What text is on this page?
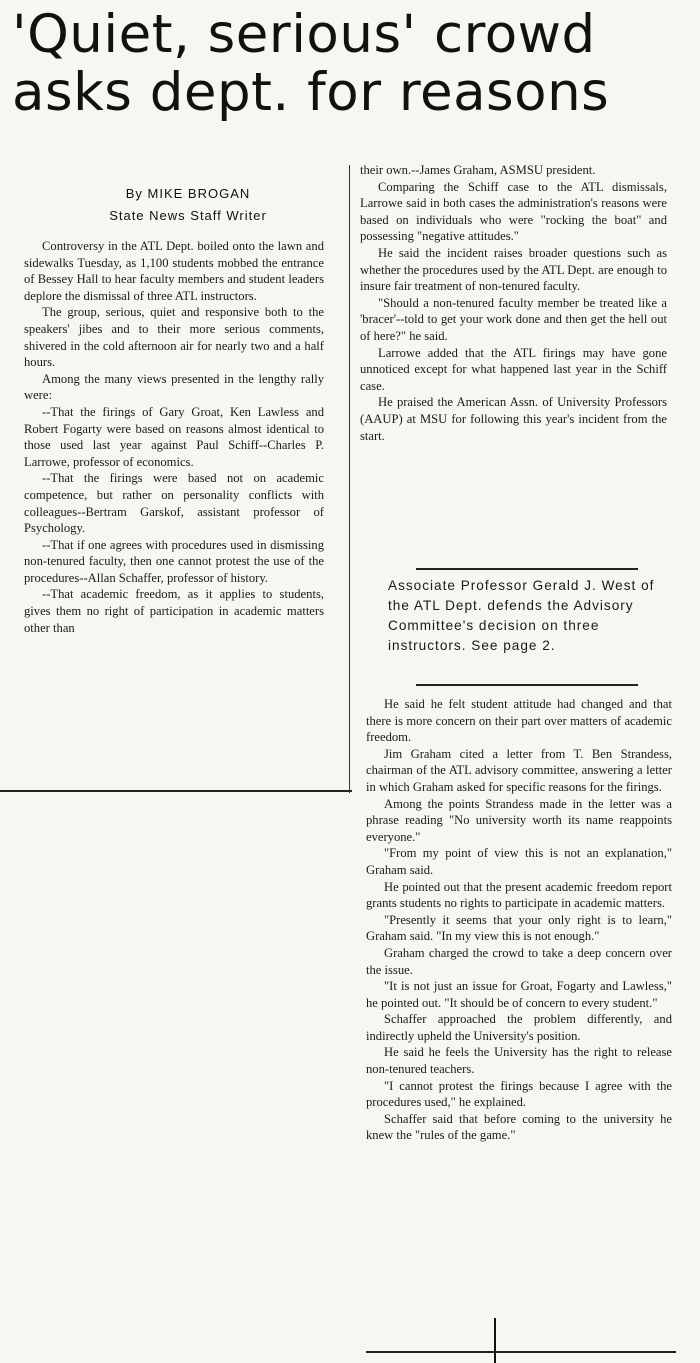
'Quiet, serious' crowd
asks dept. for reasons
By MIKE BROGAN
State News Staff Writer

Controversy in the ATL Dept. boiled onto the lawn and sidewalks Tuesday, as 1,100 students mobbed the entrance of Bessey Hall to hear faculty members and student leaders deplore the dismissal of three ATL instructors.

The group, serious, quiet and responsive both to the speakers' jibes and to their more serious comments, shivered in the cold afternoon air for nearly two and a half hours.

Among the many views presented in the lengthy rally were:

--That the firings of Gary Groat, Ken Lawless and Robert Fogarty were based on reasons almost identical to those used last year against Paul Schiff--Charles P. Larrowe, professor of economics.

--That the firings were based not on academic competence, but rather on personality conflicts with colleagues--Bertram Garskof, assistant professor of Psychology.

--That if one agrees with procedures used in dismissing non-tenured faculty, then one cannot protest the use of the procedures--Allan Schaffer, professor of history.

--That academic freedom, as it applies to students, gives them no right of participation in academic matters other than

their own.--James Graham, ASMSU president.

Comparing the Schiff case to the ATL dismissals, Larrowe said in both cases the administration's reasons were based on individuals who were "rocking the boat" and possessing "negative attitudes."

He said the incident raises broader questions such as whether the procedures used by the ATL Dept. are enough to insure fair treatment of non-tenured faculty.

"Should a non-tenured faculty member be treated like a 'bracer'--told to get your work done and then get the hell out of here?" he said.

Larrowe added that the ATL firings may have gone unnoticed except for what happened last year in the Schiff case.

He praised the American Assn. of University Professors (AAUP) at MSU for following this year's incident from the start.

Associate Professor Gerald J. West of the ATL Dept. defends the Advisory Committee's decision on three instructors. See page 2.

He said he felt student attitude had changed and that there is more concern on their part over matters of academic freedom.

Jim Graham cited a letter from T. Ben Strandess, chairman of the ATL advisory committee, answering a letter in which Graham asked for specific reasons for the firings.

Among the points Strandess made in the letter was a phrase reading "No university worth its name reappoints everyone."

"From my point of view this is not an explanation," Graham said.

He pointed out that the present academic freedom report grants students no rights to participate in academic matters.

"Presently it seems that your only right is to learn," Graham said. "In my view this is not enough."

Graham charged the crowd to take a deep concern over the issue.

"It is not just an issue for Groat, Fogarty and Lawless," he pointed out. "It should be of concern to every student."

Schaffer approached the problem differently, and indirectly upheld the University's position.

He said he feels the University has the right to release non-tenured teachers.

"I cannot protest the firings because I agree with the procedures used," he explained.

Schaffer said that before coming to the university he knew the "rules of the game."
